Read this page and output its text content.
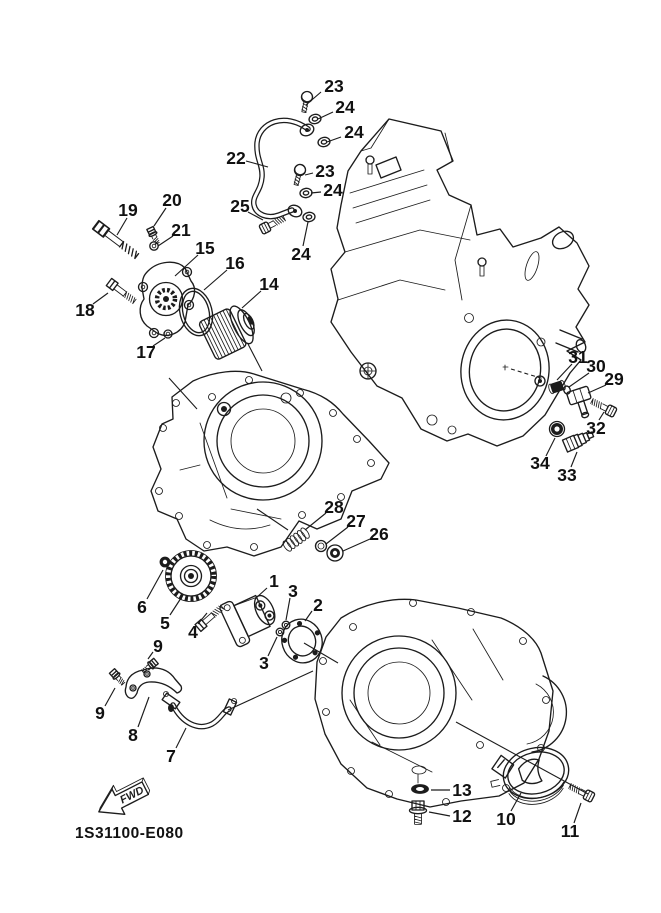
FWD
1S31100-E080
23
24
24
22
23
24
25
24
19 20
21
15
16
14
18
17	31
30
29
32
34
33
28
27
26
6
5 4
1 3
2
3
9
9
8
7
13
12 10
11
